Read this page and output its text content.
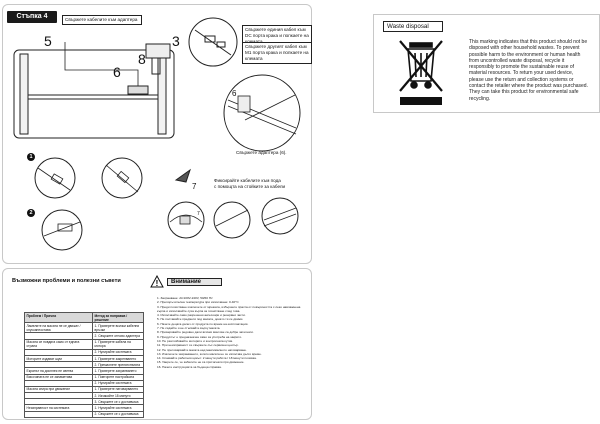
Стъпка 4	Свържете кабелите към адаптера
Свържете единия кабел към DC порта крака и попкаете на
Свържете другият кабел към M1 порта крака и попкаете на клемата
5	3
8
6
6
7
7
1
2
Свържете адаптера (6).
Фиксирайте кабелите към пода
с помощта на стойките за кабели
Възможни проблеми и полезни съвети
Проблем / Прична	Метод за поправка / решение
Ламелите на масата не се движат / спусканеостава	1. Проверете всички кабелни връзки
	2. Свържете отново адаптера
Масата се повдига само от едната страна	1. Проверете кабела на мотора
	2. Нулирайте системата
Моторите издават шум	1. Проверете закрепването
	2. Премахнете препятствията
Екранът на дисплея не светва	1. Проверете захранването
Височината не се запаметява	1. Повторете настройката
	2. Нулирайте системата
Масата спира при движение	1. Проверете натоварването
	2. Изчакайте 18 минути
	3. Свържете се с доставчика
Неизправност на системата	1. Нулирайте системата
	2. Свържете се с доставчика
!	Внимание
1. Захранване: AC100V-240V, 50/60 Hz
2. Препоръчителна температура при използване: 0-40°C
3. Преди почистване изключете от мрежата, избършете прахта от повърхността с леко навлажнена
кърпа и използвайте суха кърпа за почистване след това.
4. Използвайте само разрешени аксесоари и резервни части.
5. Не поставяйте предмети под масата, докато тя се движи.
6. Пазете децата далеч от продукта по време на експлоатация.
7. Не сядайте и не стъпвайте върху масата.
8. Проверявайте редовно дали всички винтове са добре затегнати.
9. Продуктът е предназначен само за употреба на закрито.
10. Не разглобявайте моторите и контролната кутия.
11. При неизправност се свържете със сервизен център.
12. Не претоварвайте масата над максималното натоварване.
13. Изключете захранването, когато масата не се използва дълго време.
14. Спазвайте работния цикъл: 2 минути работа / 18 минути почивка.
15. Уверете се, че кабелите не са притиснати при движение.
16. Пазете инструкцията за бъдеща справка.
Waste disposal
This marking indicates that this product should not be disposed with other household wastes. To prevent possible harm to the environment or human health from uncontrolled waste disposal, recycle it responsibly to promote the sustainable reuse of material resources. To return your used device, please use the return and collection systems or contact the retailer where the product was purchased. They can take this product for environmental safe recycling.
